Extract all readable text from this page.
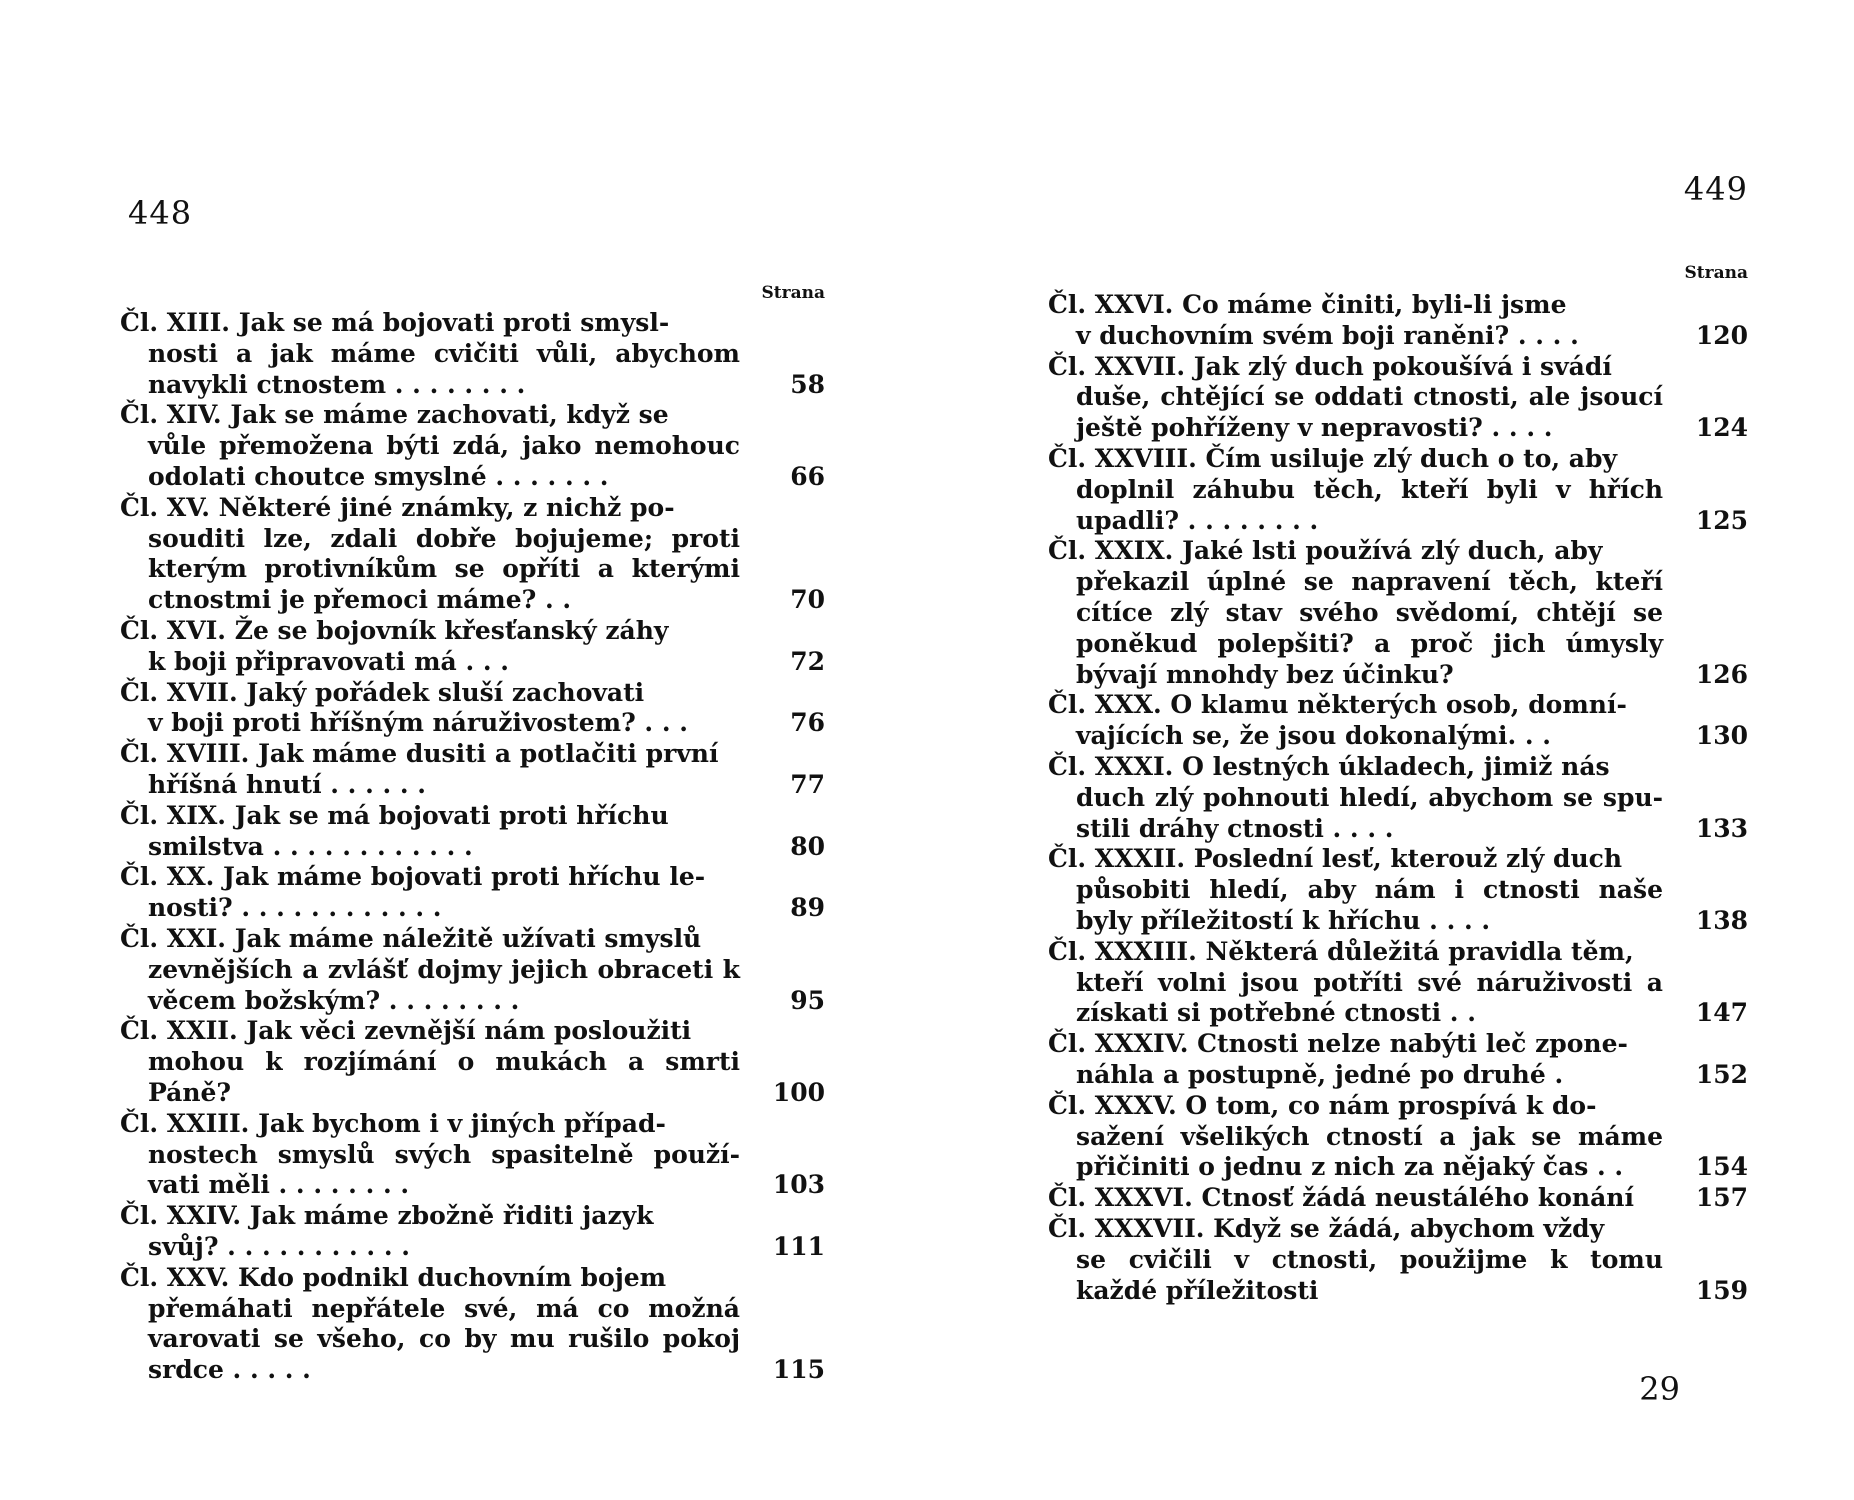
448
Strana
Čl. XIII. Jak se má bojovati proti smysl-
nosti a jak máme cvičiti vůli, abychom navykli ctnostem . . . . . . . .	58
Čl. XIV. Jak se máme zachovati, když se
vůle přemožena býti zdá, jako nemohouc odolati choutce smyslné . . . . . . .	66
Čl. XV. Některé jiné známky, z nichž po-
souditi lze, zdali dobře bojujeme; proti kterým protivníkům se opříti a kterými ctnostmi je přemoci máme? . .	70
Čl. XVI. Že se bojovník křesťanský záhy
k boji připravovati má . . .	72
Čl. XVII. Jaký pořádek sluší zachovati
v boji proti hříšným náruživostem? . . .	76
Čl. XVIII. Jak máme dusiti a potlačiti první
hříšná hnutí . . . . . .	77
Čl. XIX. Jak se má bojovati proti hříchu
smilstva . . . . . . . . . . . .	80
Čl. XX. Jak máme bojovati proti hříchu le-
nosti? . . . . . . . . . . . .	89
Čl. XXI. Jak máme náležitě užívati smyslů
zevnějších a zvlášť dojmy jejich obraceti k věcem božským? . . . . . . . .	95
Čl. XXII. Jak věci zevnější nám posloužiti
mohou k rozjímání o mukách a smrti Páně?	100
Čl. XXIII. Jak bychom i v jiných případ-
nostech smyslů svých spasitelně použí- vati měli . . . . . . . .	103
Čl. XXIV. Jak máme zbožně řiditi jazyk
svůj? . . . . . . . . . . .	111
Čl. XXV. Kdo podnikl duchovním bojem
přemáhati nepřátele své, má co možná varovati se všeho, co by mu rušilo pokoj srdce . . . . .	115
449
Strana
Čl. XXVI. Co máme činiti, byli-li jsme
v duchovním svém boji raněni? . . . .	120
Čl. XXVII. Jak zlý duch pokoušívá i svádí
duše, chtějící se oddati ctnosti, ale jsoucí ještě pohříženy v nepravosti? . . . .	124
Čl. XXVIII. Čím usiluje zlý duch o to, aby
doplnil záhubu těch, kteří byli v hřích upadli? . . . . . . . .	125
Čl. XXIX. Jaké lsti používá zlý duch, aby
překazil úplné se napravení těch, kteří cítíce zlý stav svého svědomí, chtějí se poněkud polepšiti? a proč jich úmysly bývají mnohdy bez účinku?	126
Čl. XXX. O klamu některých osob, domní-
vajících se, že jsou dokonalými. . .	130
Čl. XXXI. O lestných úkladech, jimiž nás
duch zlý pohnouti hledí, abychom se spu- stili dráhy ctnosti . . . .	133
Čl. XXXII. Poslední lesť, kterouž zlý duch
působiti hledí, aby nám i ctnosti naše byly příležitostí k hříchu . . . .	138
Čl. XXXIII. Některá důležitá pravidla těm,
kteří volni jsou potříti své náruživosti a získati si potřebné ctnosti . .	147
Čl. XXXIV. Ctnosti nelze nabýti leč zpone-
náhla a postupně, jedné po druhé .	152
Čl. XXXV. O tom, co nám prospívá k do-
sažení všelikých ctností a jak se máme přičiniti o jednu z nich za nějaký čas . .	154
Čl. XXXVI. Ctnosť žádá neustálého konání	157
Čl. XXXVII. Když se žádá, abychom vždy
se cvičili v ctnosti, použijme k tomu každé příležitosti	159
29
